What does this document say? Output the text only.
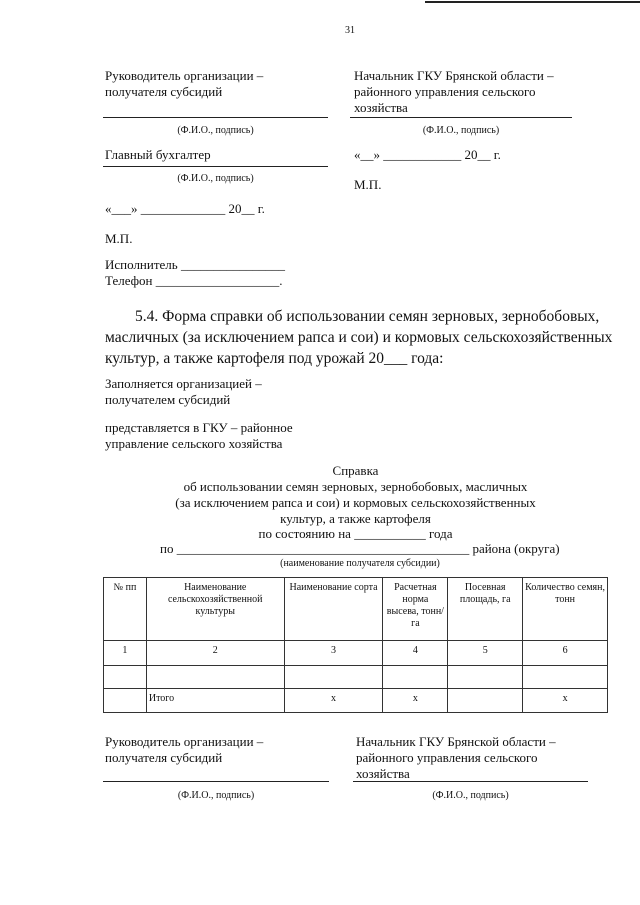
31
Руководитель организации –
получателя субсидий
Начальник ГКУ Брянской области –
районного управления сельского
хозяйства
(Ф.И.О., подпись)	(Ф.И.О., подпись)
Главный бухгалтер
(Ф.И.О., подпись)
«__» ____________ 20__ г.
М.П.
«___» _____________ 20__ г.
М.П.
Исполнитель ________________
Телефон ___________________.
5.4. Форма справки об использовании семян зерновых, зернобобовых,
масличных (за исключением рапса и сои) и кормовых сельскохозяйственных
культур, а также картофеля под урожай 20___ года:
Заполняется организацией –
получателем субсидий
представляется в ГКУ – районное
управление сельского хозяйства
Справка
об использовании семян зерновых, зернобобовых, масличных
(за исключением рапса и сои) и кормовых сельскохозяйственных
культур, а также картофеля
по состоянию на ___________ года
по _____________________________________________ района (округа)
(наименование получателя субсидии)
№ пп	Наименование сельскохозяйственной культуры	Наименование сорта	Расчетная норма высева, тонн/га	Посевная площадь, га	Количество семян, тонн
1	2	3	4	5	6

	Итого	х	х		х
Руководитель организации –
получателя субсидий
Начальник ГКУ Брянской области –
районного управления сельского
хозяйства
(Ф.И.О., подпись)	(Ф.И.О., подпись)
